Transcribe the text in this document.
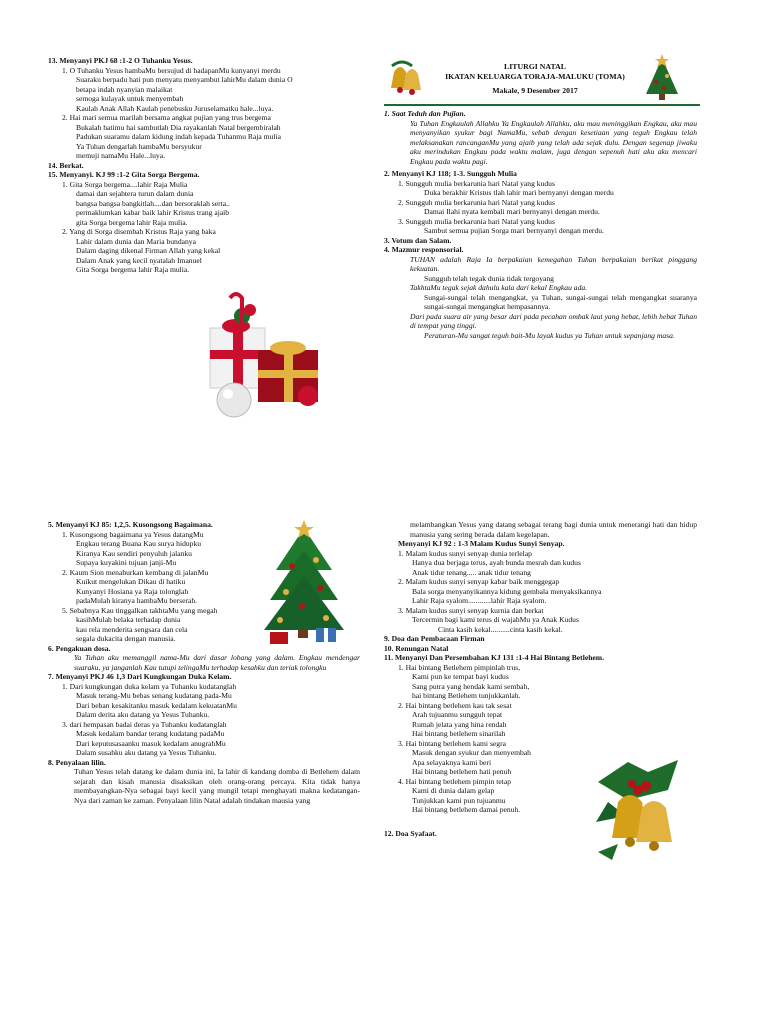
13. Menyanyi PKJ 68 :1-2 O Tuhanku Yesus.

1. O Tuhanku Yesus hambaMu bersujud di hadapanMu kunyanyi merdu

Suaraku berpadu hati pun menyatu menyambut lahirMu dalam dunia O

betapa indah nyanyian malaikat

semoga kulayak untuk menyembah

Kaulah Anak Allah Kaulah penebusku Juruselamatku hale...luya.

2. Hai mari semua marilah bersama angkat pujian yang trus bergema

Bukalah hatimu hai sambutlah Dia rayakanlah Natal bergembiralah

Padukan suaramu dalam kidung indah kepada Tuhanmu Raja mulia

Ya Tuhan dengarlah hambaMu bersyukur

memuji namaMu Hale...luya.

14. Berkat.

15. Menyanyi. KJ 99 :1-2 Gita Sorga Bergema.

1. Gita Sorga bergema....lahir Raja Mulia

damai dan sejahtera turun dalam dunia

bangsa bangsa bangkitlah....dan bersoraklah serta..

permaklumkan kabar baik lahir Kristus trang ajaib

gita Sorga bergema lahir Raja mulia.

2. Yang di Sorga disembah Kristus Raja yang baka

Lahir dalam dunia dan Maria bundanya

Dalam daging dikenal Firman Allah yang kekal

Dalam Anak yang kecil nyatalah Imanuel

Gita Sorga bergema lahir Raja mulia.

LITURGI NATAL

IKATAN KELUARGA TORAJA-MALUKU (TOMA)

Makale, 9 Desember 2017

1. Saat Teduh dan Pujian.

Ya Tuhan Engkaulah Allahku Ya Engkaulah Allahku, aku mau meninggikan Engkau, aku mau menyanyikan syukur bagi NamaMu, sebab dengan kesetiaan yang teguh Engkau telah melaksanakan rancanganMu yang ajaib yang telah ada sejak dulu. Dengan segenap jiwaku aku merindukan Engkau pada waktu malam, juga dengan sepenuh hati aku aku mencari Engkau pada waktu pagi.

2. Menyanyi KJ 118; 1-3. Sungguh Mulia

1. Sungguh mulia berkarunia hari Natal yang kudus

Duka berakhir Kristus tlah lahir mari bernyanyi dengan merdu

2. Sungguh mulia berkarunia hari Natal yang kudus

Damai Ilahi nyata kembali mari bernyanyi dengan merdu.

3. Sungguh mulia berkarunia hari Natal yang kudus

Sambut semua pujian Sorga mari bernyanyi dengan merdu.

3. Votum dan Salam.

4. Mazmur responsorial.

TUHAN adalah Raja Ia berpakaian kemegahan Tuhan berpakaian berikat pinggang kekuatan.

Sungguh telah tegak dunia tidak tergoyang

TakhtaMu tegak sejak dahulu kala dari kekal Engkau ada.

Sungai-sungai telah mengangkat, ya Tuhan, sungai-sungai telah mengangkat suaranya sungai-sungai mengangkat hempasannya.

Dari pada suara air yang besar dari pada pecahan ombak laut yang hebat, lebih hebat Tuhan di tempat yang tinggi.

Peraturan-Mu sangat teguh bait-Mu layak kudus ya Tuhan untuk sepanjang masa.

5. Menyanyi KJ 85: 1,2,5. Kusongsong Bagaimana.

1. Kusongsong bagaimana ya Yesus datangMu

Engkau terang Buana Kau surya hidupku

Kiranya Kau sendiri penyuluh jalanku

Supaya kuyakini tujuan janji-Mu

2. Kaum Sion menaburkan kembang di jalanMu

Kuikut mengelukan Dikau di hatiku

Kunyanyi Hosiana ya Raja tolonglah

padaMulah kiranya hambaMu berserah.

5. Sebabnya Kau tinggalkan takhtaMu yang megah

kasihMulah belaka terhadap dunia

kau rela menderita sengsara dan cela

segala dukacita dengan manusia.

6. Pengakuan dosa.

Ya Tuhan aku memanggil nama-Mu dari dasar lobang yang dalam. Engkau mendengar suaraku, ya janganlah Kau tutupi telingaMu terhadap kesahku dan teriak tolongku

7. Menyanyi PKJ 46 1,3 Dari Kungkungan Duka Kelam.

1. Dari kungkungan duka kelam ya Tuhanku kudatanglah

Masuk terang-Mu bebas senang kudatang pada-Mu

Dari beban kesakitanku masuk kedalam kekuatanMu

Dalam derita aku datang ya Yesus Tuhanku.

3. dari hempasan badai deras ya Tuhanku kudatanglah

Masuk kedalam bandar terang kudatang padaMu

Dari keputusasaanku masuk kedalam anugrahMu

Dalam susahku aku datang ya Yesus Tuhanku.

8. Penyalaan lilin.

Tuhan Yesus telah datang ke dalam dunia ini, Ia lahir di kandang domba di Betlehem dalam sejarah dan kisah manusia disaksikan oleh orang-orang percaya. Kita tidak hanya membayangkan-Nya sebagai bayi kecil yang mungil tetapi menghayati makna kedatangan-Nya dari zaman ke zaman. Penyalaan lilin Natal adalah tindakan mausia yang

melambangkan Yesus yang datang sebagai terang bagi dunia untuk menerangi hati dan hidup manusia yang sering berada dalam kegelapan.

Menyanyi KJ 92 : 1-3 Malam Kudus Sunyi Senyap.

1. Malam kudus sunyi senyap dunia terlelap

Hanya dua berjaga terus, ayah bunda mesrah dan kudus

Anak tidur tenang..... anak tidur tenang

2. Malam kudus sunyi senyap kabar baik menggegap

Bala sorga menyanyikannya kidung gembala menyaksikannya

Lahir Raja syalom............lahir Raja syalom.

3. Malam kudus sunyi senyap kurnia dan berkat

Tercermin bagi kami terus di wajahMu ya Anak Kudus

Cinta kasih kekal..........cinta kasih kekal.

9. Doa dan Pembacaan Firman

10. Renungan Natal

11. Menyanyi Dan Persembahan KJ 131 :1-4 Hai Bintang Betlehem.

1. Hai bintang Betlehem pimpinlah trus,

Kami pun ke tempat bayi kudus

Sang putra yang hendak kami sembah,

hai bintang Betlehem tunjukkanlah.

2. Hai bintang betlehem kau tak sesat

Arah tujuanmu sungguh tepat

Rumah jelata yang hina rendah

Hai bintang betlehem sinarilah

3. Hai bintang betlehem kami segra

Masuk dengan syukur dan menyembah

Apa selayaknya kami beri

Hai bintang betlehem hati penuh

4. Hai bintang betlehem pimpin tetap

Kami di dunia dalam gelap

Tunjukkan kami pun tujuanmu

Hai bintang betlehem damai penuh.

12. Doa Syafaat.
